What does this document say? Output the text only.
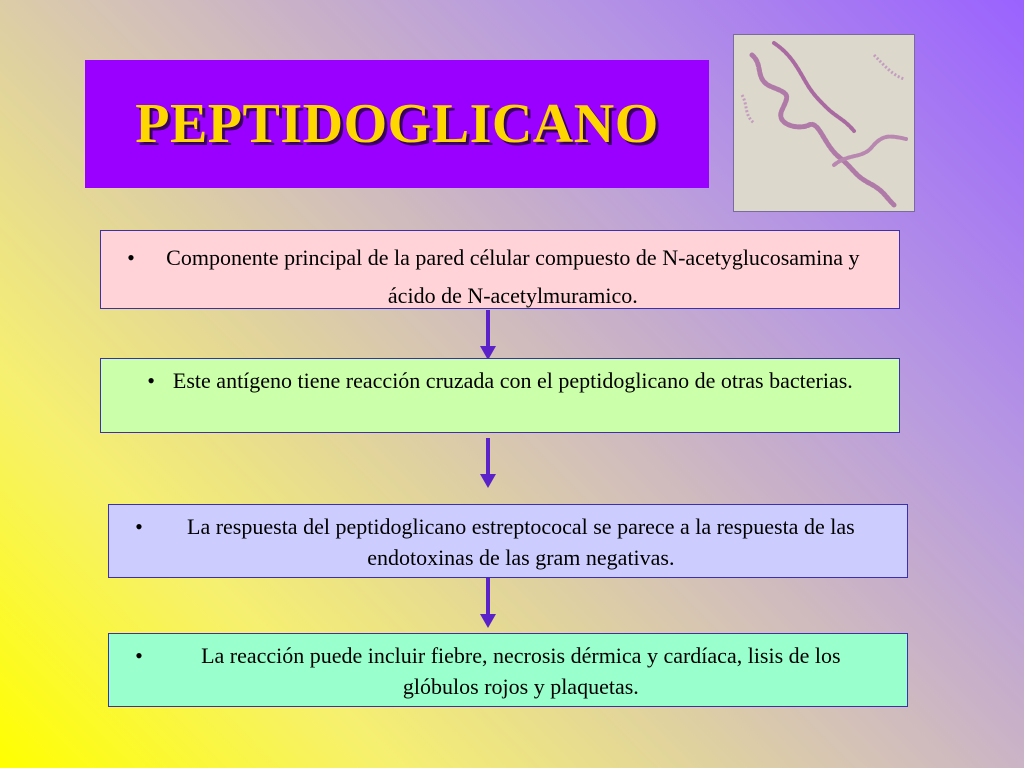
PEPTIDOGLICANO
•	Componente principal de la pared célular compuesto de N-acetyglucosamina y ácido de N-acetylmuramico.
• Este antígeno tiene reacción cruzada con el peptidoglicano de otras bacterias.
•	La respuesta del peptidoglicano estreptococal se parece a la respuesta de las endotoxinas de las gram negativas.
•	La reacción puede incluir fiebre, necrosis dérmica y cardíaca, lisis de los glóbulos rojos y plaquetas.
